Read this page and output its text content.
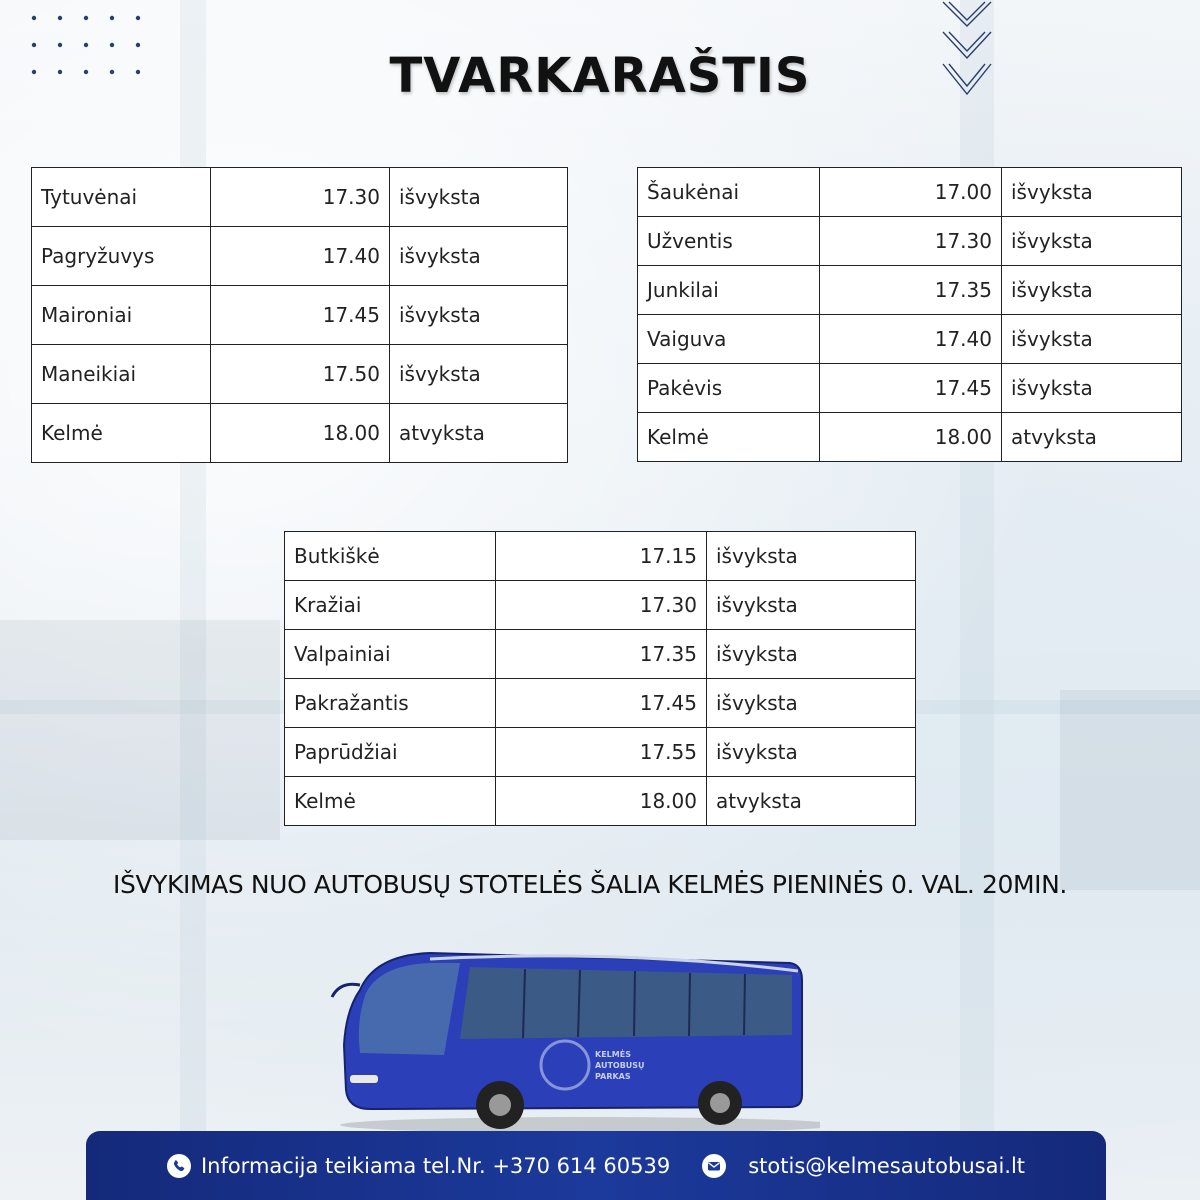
TVARKARAŠTIS
Tytuvėnai	17.30	išvyksta
Pagryžuvys	17.40	išvyksta
Maironiai	17.45	išvyksta
Maneikiai	17.50	išvyksta
Kelmė	18.00	atvyksta
Šaukėnai	17.00	išvyksta
Užventis	17.30	išvyksta
Junkilai	17.35	išvyksta
Vaiguva	17.40	išvyksta
Pakėvis	17.45	išvyksta
Kelmė	18.00	atvyksta
Butkiškė	17.15	išvyksta
Kražiai	17.30	išvyksta
Valpainiai	17.35	išvyksta
Pakražantis	17.45	išvyksta
Paprūdžiai	17.55	išvyksta
Kelmė	18.00	atvyksta
IŠVYKIMAS NUO AUTOBUSŲ STOTELĖS ŠALIA KELMĖS PIENINĖS 0. VAL. 20MIN.
KELMĖS
AUTOBUSŲ
PARKAS
Informacija teikiama tel.Nr. +370 614 60539	stotis@kelmesautobusai.lt
